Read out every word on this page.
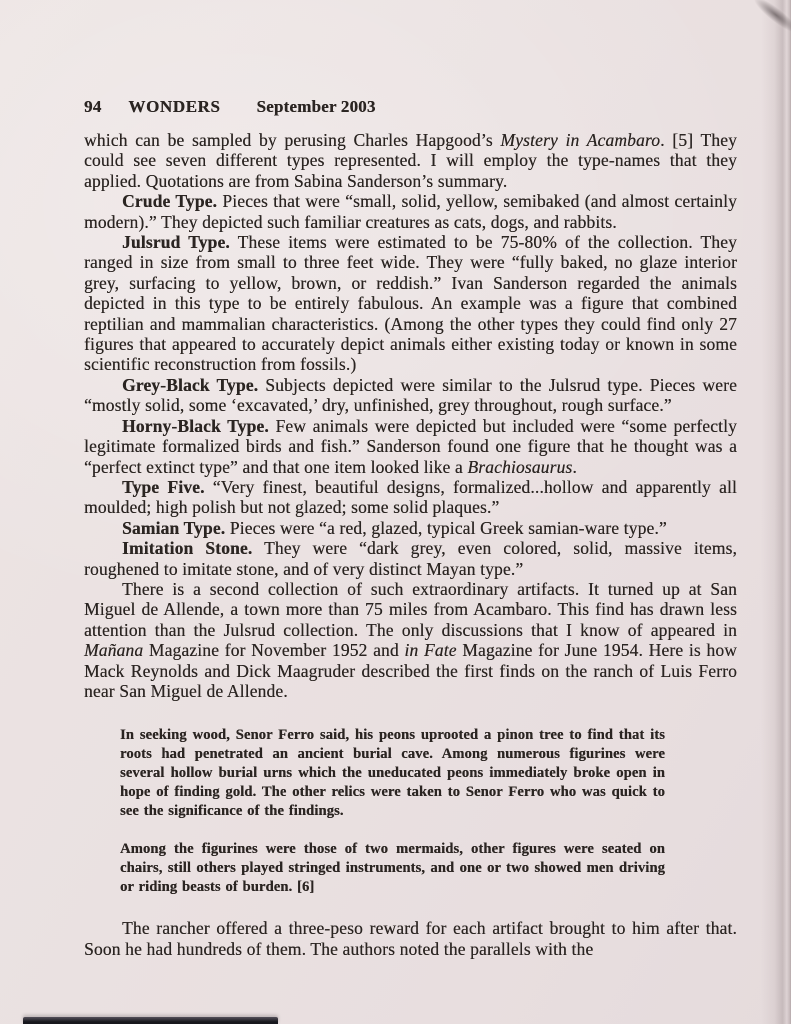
94 WONDERS September 2003

which can be sampled by perusing Charles Hapgood’s Mystery in Acambaro. [5] They could see seven different types represented. I will employ the type-names that they applied. Quotations are from Sabina Sanderson’s summary.

Crude Type. Pieces that were “small, solid, yellow, semibaked (and almost certainly modern).” They depicted such familiar creatures as cats, dogs, and rabbits.

Julsrud Type. These items were estimated to be 75-80% of the collection. They ranged in size from small to three feet wide. They were “fully baked, no glaze interior grey, surfacing to yellow, brown, or reddish.” Ivan Sanderson regarded the animals depicted in this type to be entirely fabulous. An example was a figure that combined reptilian and mammalian characteristics. (Among the other types they could find only 27 figures that appeared to accurately depict animals either existing today or known in some scientific reconstruction from fossils.)

Grey-Black Type. Subjects depicted were similar to the Julsrud type. Pieces were “mostly solid, some ‘excavated,’ dry, unfinished, grey throughout, rough surface.”

Horny-Black Type. Few animals were depicted but included were “some perfectly legitimate formalized birds and fish.” Sanderson found one figure that he thought was a “perfect extinct type” and that one item looked like a Brachiosaurus.

Type Five. “Very finest, beautiful designs, formalized...hollow and apparently all moulded; high polish but not glazed; some solid plaques.”

Samian Type. Pieces were “a red, glazed, typical Greek samian-ware type.”

Imitation Stone. They were “dark grey, even colored, solid, massive items, roughened to imitate stone, and of very distinct Mayan type.”

There is a second collection of such extraordinary artifacts. It turned up at San Miguel de Allende, a town more than 75 miles from Acambaro. This find has drawn less attention than the Julsrud collection. The only discussions that I know of appeared in Mañana Magazine for November 1952 and in Fate Magazine for June 1954. Here is how Mack Reynolds and Dick Maagruder described the first finds on the ranch of Luis Ferro near San Miguel de Allende.

In seeking wood, Senor Ferro said, his peons uprooted a pinon tree to find that its roots had penetrated an ancient burial cave. Among numerous figurines were several hollow burial urns which the uneducated peons immediately broke open in hope of finding gold. The other relics were taken to Senor Ferro who was quick to see the significance of the findings.

Among the figurines were those of two mermaids, other figures were seated on chairs, still others played stringed instruments, and one or two showed men driving or riding beasts of burden. [6]

The rancher offered a three-peso reward for each artifact brought to him after that. Soon he had hundreds of them. The authors noted the parallels with the
